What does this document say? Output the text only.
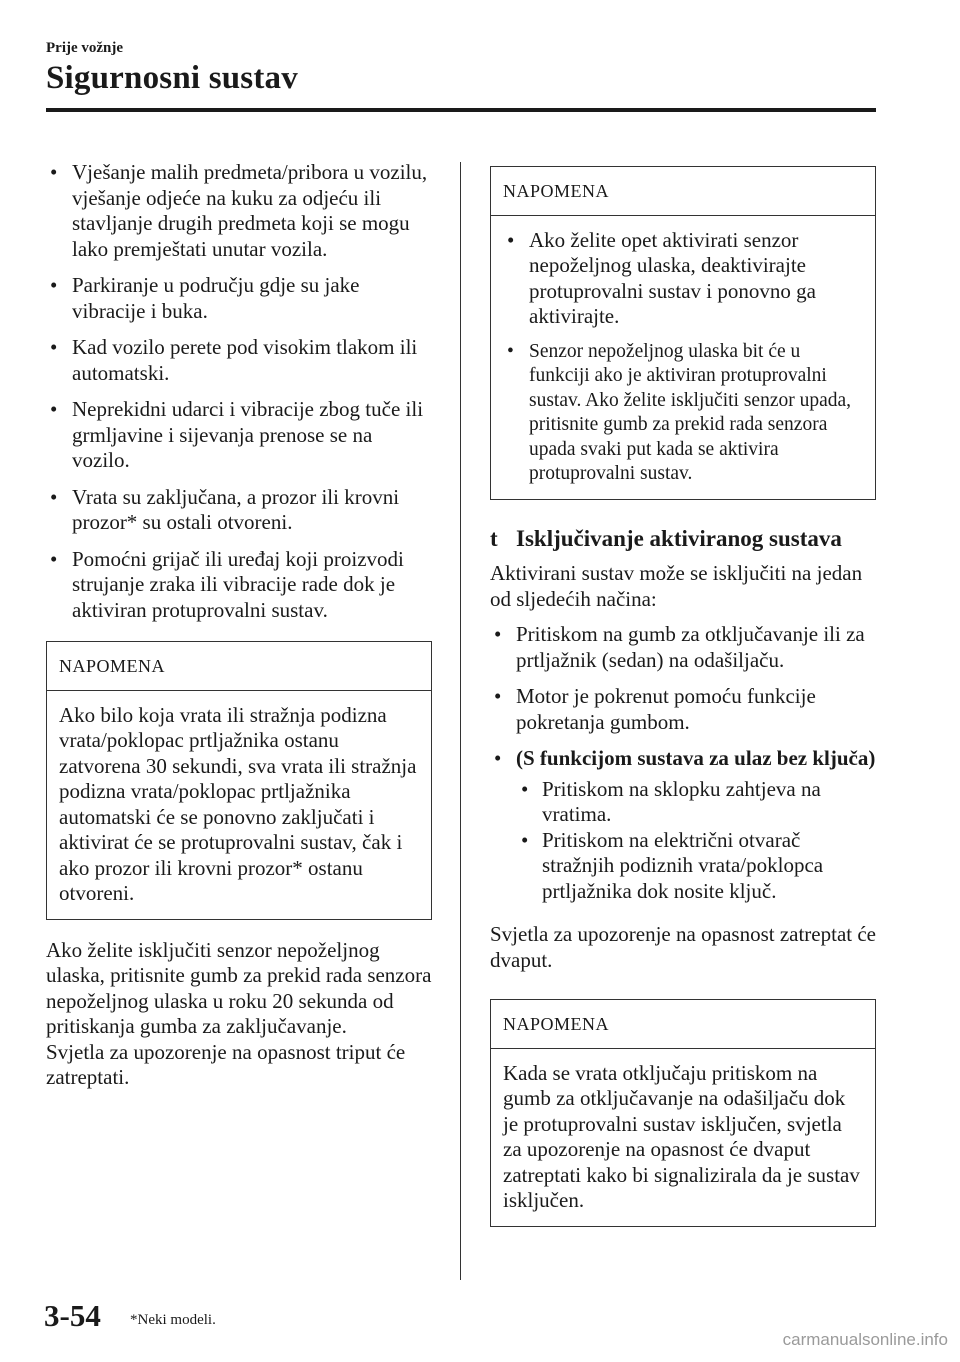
Prije vožnje
Sigurnosni sustav
• Vješanje malih predmeta/pribora u vozilu, vješanje odjeće na kuku za odjeću ili stavljanje drugih predmeta koji se mogu lako premještati unutar vozila.
• Parkiranje u području gdje su jake vibracije i buka.
• Kad vozilo perete pod visokim tlakom ili automatski.
• Neprekidni udarci i vibracije zbog tuče ili grmljavine i sijevanja prenose se na vozilo.
• Vrata su zaključana, a prozor ili krovni prozor* su ostali otvoreni.
• Pomoćni grijač ili uređaj koji proizvodi strujanje zraka ili vibracije rade dok je aktiviran protuprovalni sustav.
NAPOMENA
Ako bilo koja vrata ili stražnja podizna vrata/poklopac prtljažnika ostanu zatvorena 30 sekundi, sva vrata ili stražnja podizna vrata/poklopac prtljažnika automatski će se ponovno zaključati i aktivirat će se protuprovalni sustav, čak i ako prozor ili krovni prozor* ostanu otvoreni.

Ako želite isključiti senzor nepoželjnog ulaska, pritisnite gumb za prekid rada senzora nepoželjnog ulaska u roku 20 sekunda od pritiskanja gumba za zaključavanje.

Svjetla za upozorenje na opasnost triput će zatreptati.

NAPOMENA
• Ako želite opet aktivirati senzor nepoželjnog ulaska, deaktivirajte protuprovalni sustav i ponovno ga aktivirajte.
• Senzor nepoželjnog ulaska bit će u funkciji ako je aktiviran protuprovalni sustav. Ako želite isključiti senzor upada, pritisnite gumb za prekid rada senzora upada svaki put kada se aktivira protuprovalni sustav.
t Isključivanje aktiviranog sustava

Aktivirani sustav može se isključiti na jedan od sljedećih načina:

• Pritiskom na gumb za otključavanje ili za prtljažnik (sedan) na odašiljaču.
• Motor je pokrenut pomoću funkcije pokretanja gumbom.
• (S funkcijom sustava za ulaz bez ključa)
• Pritiskom na sklopku zahtjeva na vratima.
• Pritiskom na električni otvarač stražnjih podiznih vrata/poklopca prtljažnika dok nosite ključ.

Svjetla za upozorenje na opasnost zatreptat će dvaput.

NAPOMENA
Kada se vrata otključaju pritiskom na gumb za otključavanje na odašiljaču dok je protuprovalni sustav isključen, svjetla za upozorenje na opasnost će dvaput zatreptati kako bi signalizirala da je sustav isključen.
3-54 *Neki modeli.
carmanualsonline.info
